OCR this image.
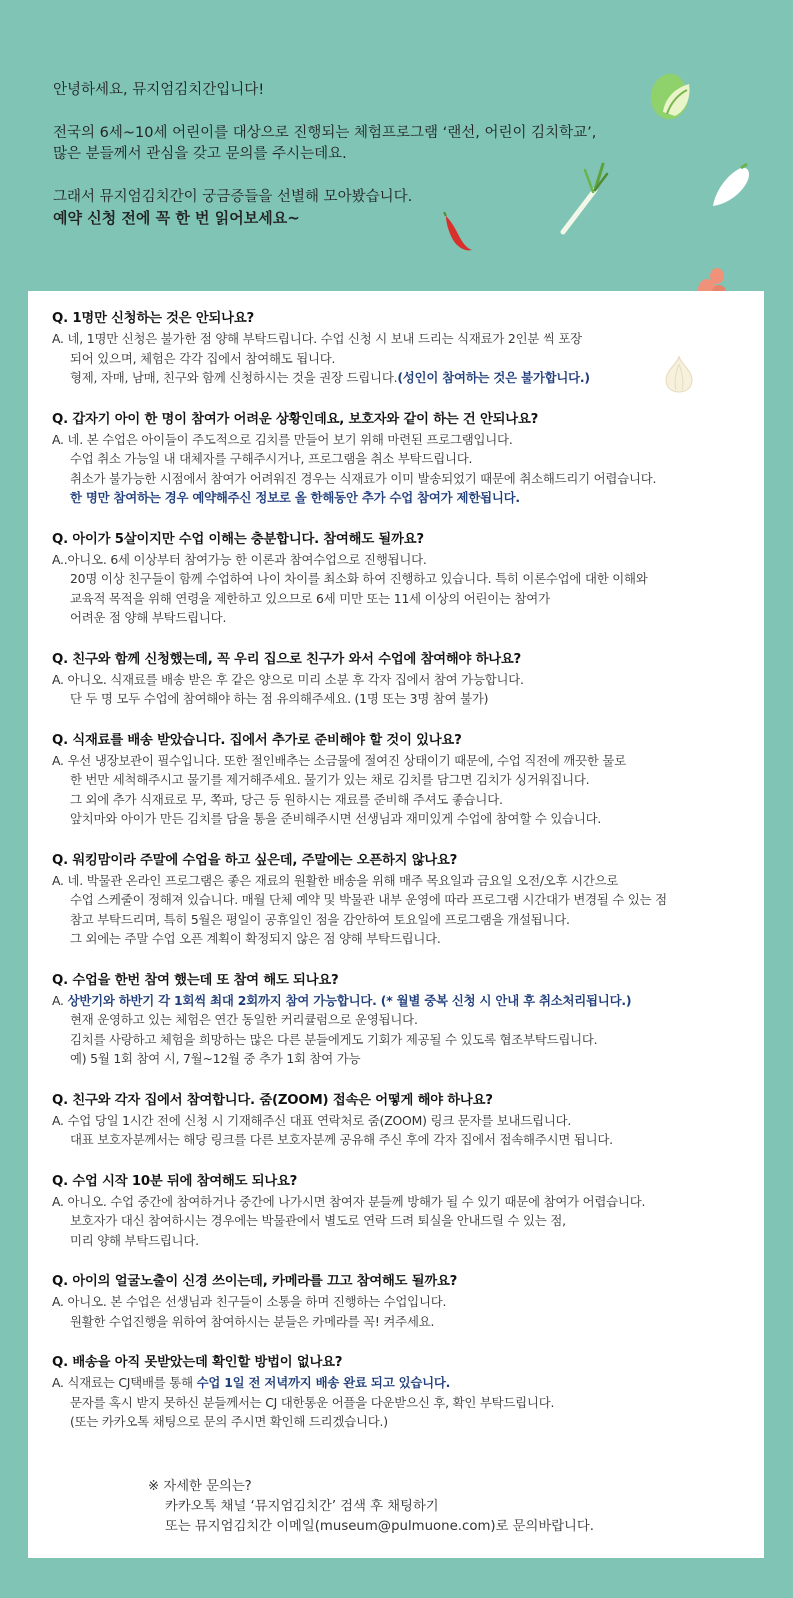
안녕하세요, 뮤지엄김치간입니다!

전국의 6세~10세 어린이를 대상으로 진행되는 체험프로그램 ‘랜선, 어린이 김치학교’,
많은 분들께서 관심을 갖고 문의를 주시는데요.

그래서 뮤지엄김치간이 궁금증들을 선별해 모아봤습니다.
예약 신청 전에 꼭 한 번 읽어보세요~

Q. 1명만 신청하는 것은 안되나요?

A. 네, 1명만 신청은 불가한 점 양해 부탁드립니다. 수업 신청 시 보내 드리는 식재료가 2인분 씩 포장
되어 있으며, 체험은 각각 집에서 참여해도 됩니다.
형제, 자매, 남매, 친구와 함께 신청하시는 것을 권장 드립니다.(성인이 참여하는 것은 불가합니다.)

Q. 갑자기 아이 한 명이 참여가 어려운 상황인데요, 보호자와 같이 하는 건 안되나요?

A. 네. 본 수업은 아이들이 주도적으로 김치를 만들어 보기 위해 마련된 프로그램입니다.
수업 취소 가능일 내 대체자를 구해주시거나, 프로그램을 취소 부탁드립니다.
취소가 불가능한 시점에서 참여가 어려워진 경우는 식재료가 이미 발송되었기 때문에 취소해드리기 어렵습니다.
한 명만 참여하는 경우 예약해주신 정보로 올 한해동안 추가 수업 참여가 제한됩니다.

Q. 아이가 5살이지만 수업 이해는 충분합니다. 참여해도 될까요?

A..아니오. 6세 이상부터 참여가능 한 이론과 참여수업으로 진행됩니다.
20명 이상 친구들이 함께 수업하여 나이 차이를 최소화 하여 진행하고 있습니다. 특히 이론수업에 대한 이해와
교육적 목적을 위해 연령을 제한하고 있으므로 6세 미만 또는 11세 이상의 어린이는 참여가
어려운 점 양해 부탁드립니다.

Q. 친구와 함께 신청했는데, 꼭 우리 집으로 친구가 와서 수업에 참여해야 하나요?

A. 아니오. 식재료를 배송 받은 후 같은 양으로 미리 소분 후 각자 집에서 참여 가능합니다.
단 두 명 모두 수업에 참여해야 하는 점 유의해주세요. (1명 또는 3명 참여 불가)

Q. 식재료를 배송 받았습니다. 집에서 추가로 준비해야 할 것이 있나요?

A. 우선 냉장보관이 필수입니다. 또한 절인배추는 소금물에 절여진 상태이기 때문에, 수업 직전에 깨끗한 물로
한 번만 세척해주시고 물기를 제거해주세요. 물기가 있는 채로 김치를 담그면 김치가 싱거워집니다.
그 외에 추가 식재료로 무, 쪽파, 당근 등 원하시는 재료를 준비해 주셔도 좋습니다.
앞치마와 아이가 만든 김치를 담을 통을 준비해주시면 선생님과 재미있게 수업에 참여할 수 있습니다.

Q. 워킹맘이라 주말에 수업을 하고 싶은데, 주말에는 오픈하지 않나요?

A. 네. 박물관 온라인 프로그램은 좋은 재료의 원활한 배송을 위해 매주 목요일과 금요일 오전/오후 시간으로
수업 스케줄이 정해져 있습니다. 매월 단체 예약 및 박물관 내부 운영에 따라 프로그램 시간대가 변경될 수 있는 점
참고 부탁드리며, 특히 5월은 평일이 공휴일인 점을 감안하여 토요일에 프로그램을 개설됩니다.
그 외에는 주말 수업 오픈 계획이 확정되지 않은 점 양해 부탁드립니다.

Q. 수업을 한번 참여 했는데 또 참여 해도 되나요?

A. 상반기와 하반기 각 1회씩 최대 2회까지 참여 가능합니다. (* 월별 중복 신청 시 안내 후 취소처리됩니다.)
현재 운영하고 있는 체험은 연간 동일한 커리큘럼으로 운영됩니다.
김치를 사랑하고 체험을 희망하는 많은 다른 분들에게도 기회가 제공될 수 있도록 협조부탁드립니다.
예) 5월 1회 참여 시, 7월~12월 중 추가 1회 참여 가능

Q. 친구와 각자 집에서 참여합니다. 줌(ZOOM) 접속은 어떻게 해야 하나요?

A. 수업 당일 1시간 전에 신청 시 기재해주신 대표 연락처로 줌(ZOOM) 링크 문자를 보내드립니다.
대표 보호자분께서는 해당 링크를 다른 보호자분께 공유해 주신 후에 각자 집에서 접속해주시면 됩니다.

Q. 수업 시작 10분 뒤에 참여해도 되나요?

A. 아니오. 수업 중간에 참여하거나 중간에 나가시면 참여자 분들께 방해가 될 수 있기 때문에 참여가 어렵습니다.
보호자가 대신 참여하시는 경우에는 박물관에서 별도로 연락 드려 퇴실을 안내드릴 수 있는 점,
미리 양해 부탁드립니다.

Q. 아이의 얼굴노출이 신경 쓰이는데, 카메라를 끄고 참여해도 될까요?

A. 아니오. 본 수업은 선생님과 친구들이 소통을 하며 진행하는 수업입니다.
원활한 수업진행을 위하여 참여하시는 분들은 카메라를 꼭! 켜주세요.

Q. 배송을 아직 못받았는데 확인할 방법이 없나요?

A. 식재료는 CJ택배를 통해 수업 1일 전 저녁까지 배송 완료 되고 있습니다.
문자를 혹시 받지 못하신 분들께서는 CJ 대한통운 어플을 다운받으신 후, 확인 부탁드립니다.
(또는 카카오톡 채팅으로 문의 주시면 확인해 드리겠습니다.)

※ 자세한 문의는?
카카오톡 채널 ‘뮤지엄김치간’ 검색 후 채팅하기
또는 뮤지엄김치간 이메일(museum@pulmuone.com)로 문의바랍니다.
